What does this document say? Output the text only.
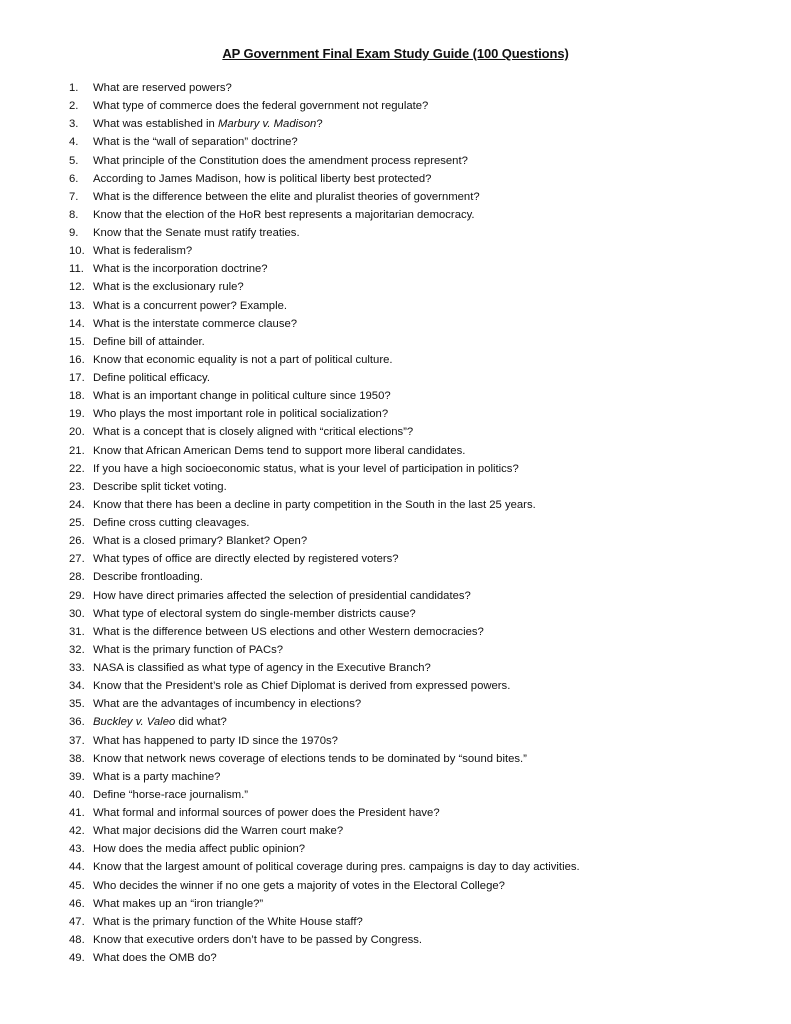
AP Government Final Exam Study Guide (100 Questions)
1.	What are reserved powers?
2.	What type of commerce does the federal government not regulate?
3.	What was established in Marbury v. Madison?
4.	What is the “wall of separation” doctrine?
5.	What principle of the Constitution does the amendment process represent?
6.	According to James Madison, how is political liberty best protected?
7.	What is the difference between the elite and pluralist theories of government?
8.	Know that the election of the HoR best represents a majoritarian democracy.
9.	Know that the Senate must ratify treaties.
10. What is federalism?
11. What is the incorporation doctrine?
12. What is the exclusionary rule?
13. What is a concurrent power? Example.
14. What is the interstate commerce clause?
15. Define bill of attainder.
16. Know that economic equality is not a part of political culture.
17. Define political efficacy.
18. What is an important change in political culture since 1950?
19. Who plays the most important role in political socialization?
20. What is a concept that is closely aligned with “critical elections”?
21. Know that African American Dems tend to support more liberal candidates.
22. If you have a high socioeconomic status, what is your level of participation in politics?
23. Describe split ticket voting.
24. Know that there has been a decline in party competition in the South in the last 25 years.
25. Define cross cutting cleavages.
26. What is a closed primary? Blanket? Open?
27. What types of office are directly elected by registered voters?
28. Describe frontloading.
29. How have direct primaries affected the selection of presidential candidates?
30. What type of electoral system do single-member districts cause?
31. What is the difference between US elections and other Western democracies?
32. What is the primary function of PACs?
33. NASA is classified as what type of agency in the Executive Branch?
34. Know that the President’s role as Chief Diplomat is derived from expressed powers.
35. What are the advantages of incumbency in elections?
36. Buckley v. Valeo did what?
37. What has happened to party ID since the 1970s?
38. Know that network news coverage of elections tends to be dominated by “sound bites.”
39. What is a party machine?
40. Define “horse-race journalism.”
41. What formal and informal sources of power does the President have?
42. What major decisions did the Warren court make?
43. How does the media affect public opinion?
44. Know that the largest amount of political coverage during pres. campaigns is day to day activities.
45. Who decides the winner if no one gets a majority of votes in the Electoral College?
46. What makes up an “iron triangle?”
47. What is the primary function of the White House staff?
48. Know that executive orders don’t have to be passed by Congress.
49. What does the OMB do?
